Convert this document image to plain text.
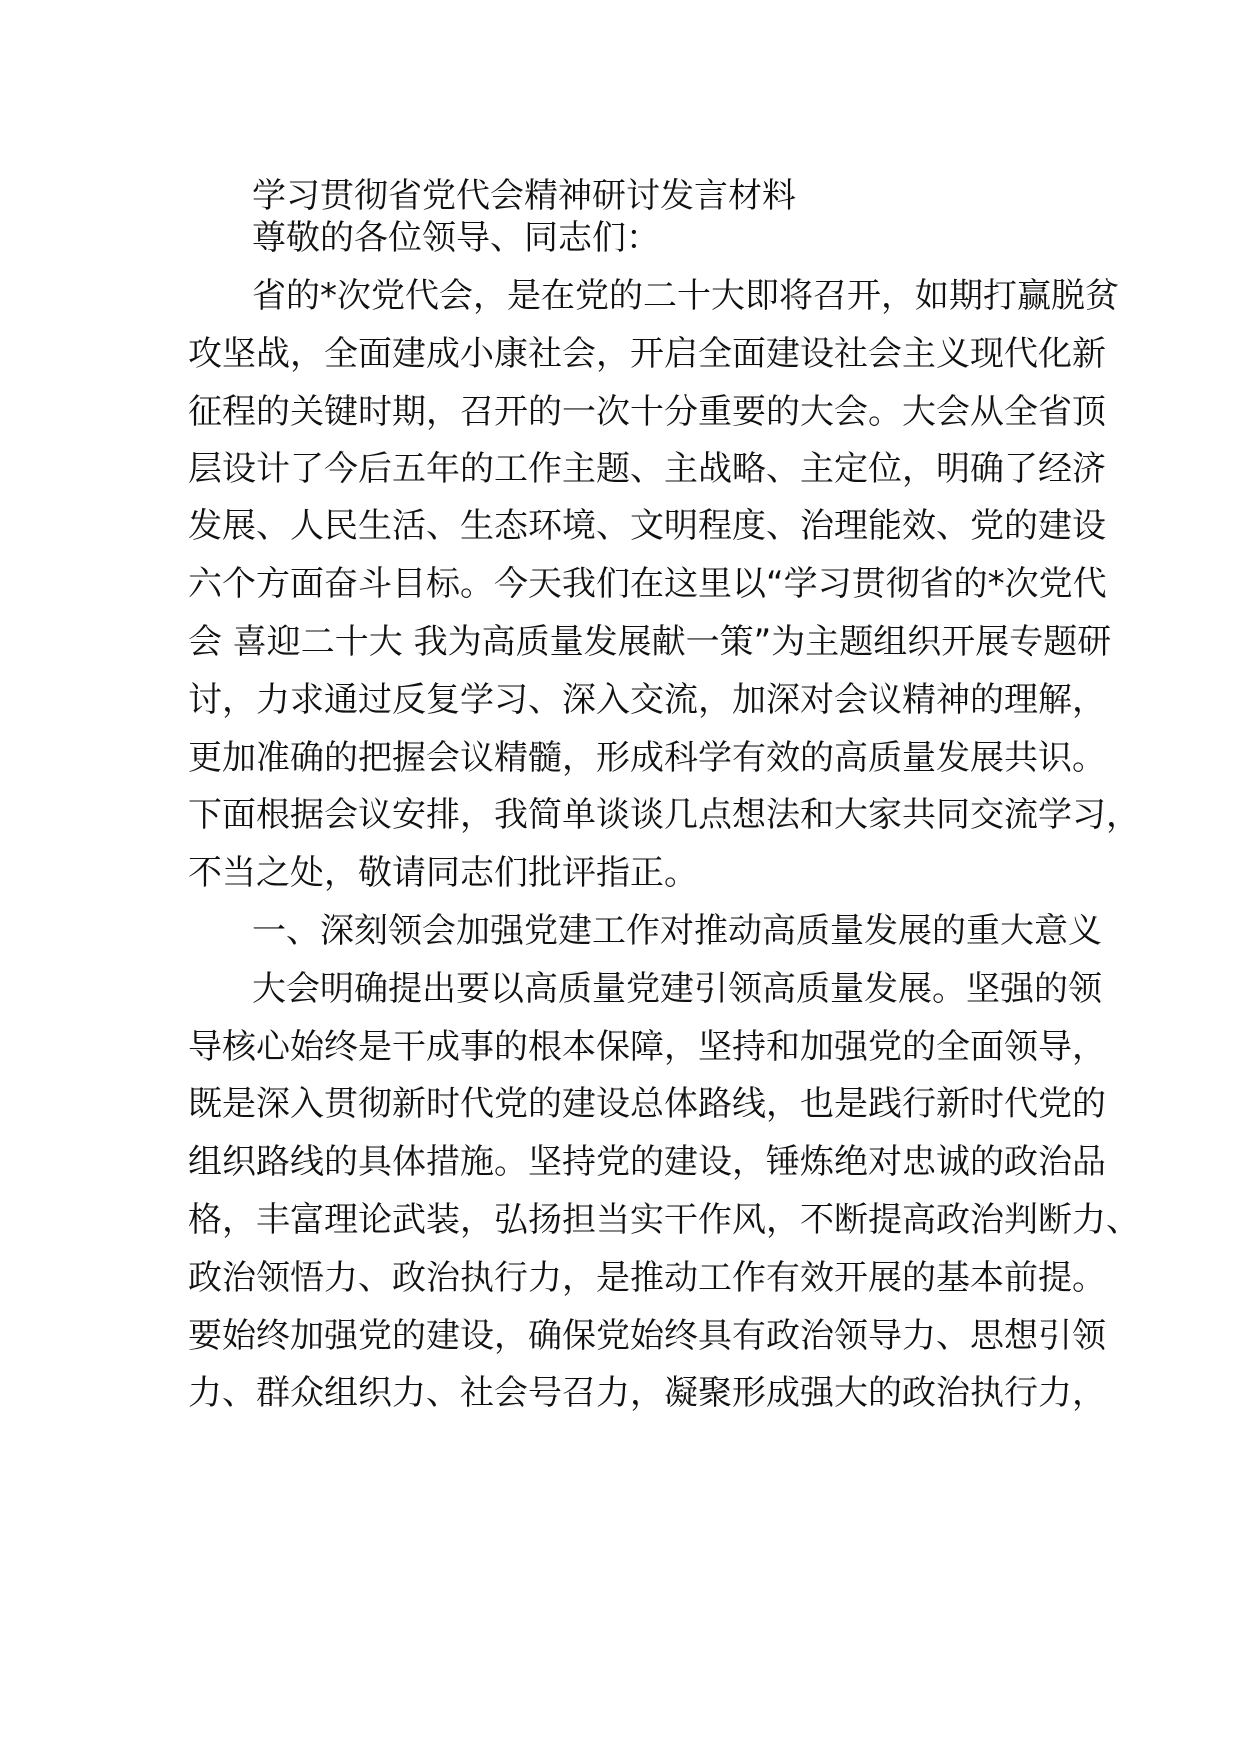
学习贯彻省党代会精神研讨发言材料
尊敬的各位领导、同志们：
省的*次党代会，是在党的二十大即将召开，如期打赢脱贫
攻坚战，全面建成小康社会，开启全面建设社会主义现代化新
征程的关键时期，召开的一次十分重要的大会。大会从全省顶
层设计了今后五年的工作主题、主战略、主定位，明确了经济
发展、人民生活、生态环境、文明程度、治理能效、党的建设
六个方面奋斗目标。今天我们在这里以“学习贯彻省的*次党代
会 喜迎二十大 我为高质量发展献一策”为主题组织开展专题研
讨，力求通过反复学习、深入交流，加深对会议精神的理解，
更加准确的把握会议精髓，形成科学有效的高质量发展共识。
下面根据会议安排，我简单谈谈几点想法和大家共同交流学习，
不当之处，敬请同志们批评指正。
一、深刻领会加强党建工作对推动高质量发展的重大意义
大会明确提出要以高质量党建引领高质量发展。坚强的领
导核心始终是干成事的根本保障，坚持和加强党的全面领导，
既是深入贯彻新时代党的建设总体路线，也是践行新时代党的
组织路线的具体措施。坚持党的建设，锤炼绝对忠诚的政治品
格，丰富理论武装，弘扬担当实干作风，不断提高政治判断力、
政治领悟力、政治执行力，是推动工作有效开展的基本前提。
要始终加强党的建设，确保党始终具有政治领导力、思想引领
力、群众组织力、社会号召力，凝聚形成强大的政治执行力，
